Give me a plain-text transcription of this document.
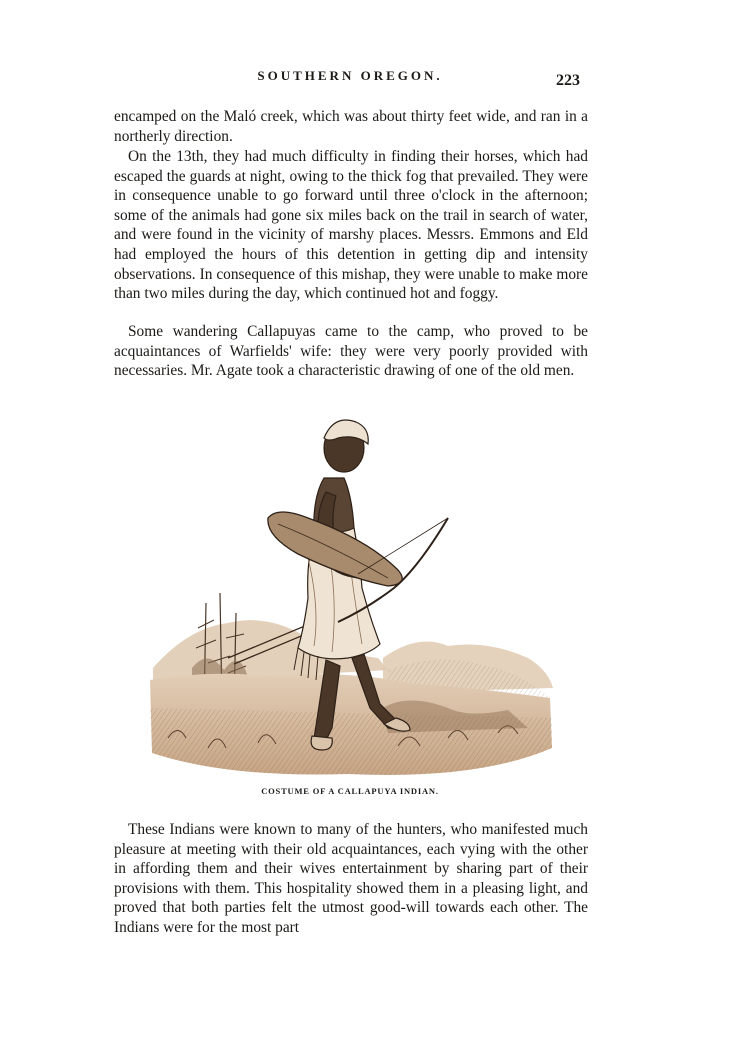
SOUTHERN OREGON.	223

encamped on the Maló creek, which was about thirty feet wide, and ran in a northerly direction.

On the 13th, they had much difficulty in finding their horses, which had escaped the guards at night, owing to the thick fog that prevailed. They were in consequence unable to go forward until three o'clock in the afternoon; some of the animals had gone six miles back on the trail in search of water, and were found in the vicinity of marshy places. Messrs. Emmons and Eld had employed the hours of this detention in getting dip and intensity observations. In consequence of this mishap, they were unable to make more than two miles during the day, which continued hot and foggy.

Some wandering Callapuyas came to the camp, who proved to be acquaintances of Warfields' wife: they were very poorly provided with necessaries. Mr. Agate took a characteristic drawing of one of the old men.

COSTUME OF A CALLAPUYA INDIAN.

These Indians were known to many of the hunters, who manifested much pleasure at meeting with their old acquaintances, each vying with the other in affording them and their wives entertainment by sharing part of their provisions with them. This hospitality showed them in a pleasing light, and proved that both parties felt the utmost good-will towards each other. The Indians were for the most part
